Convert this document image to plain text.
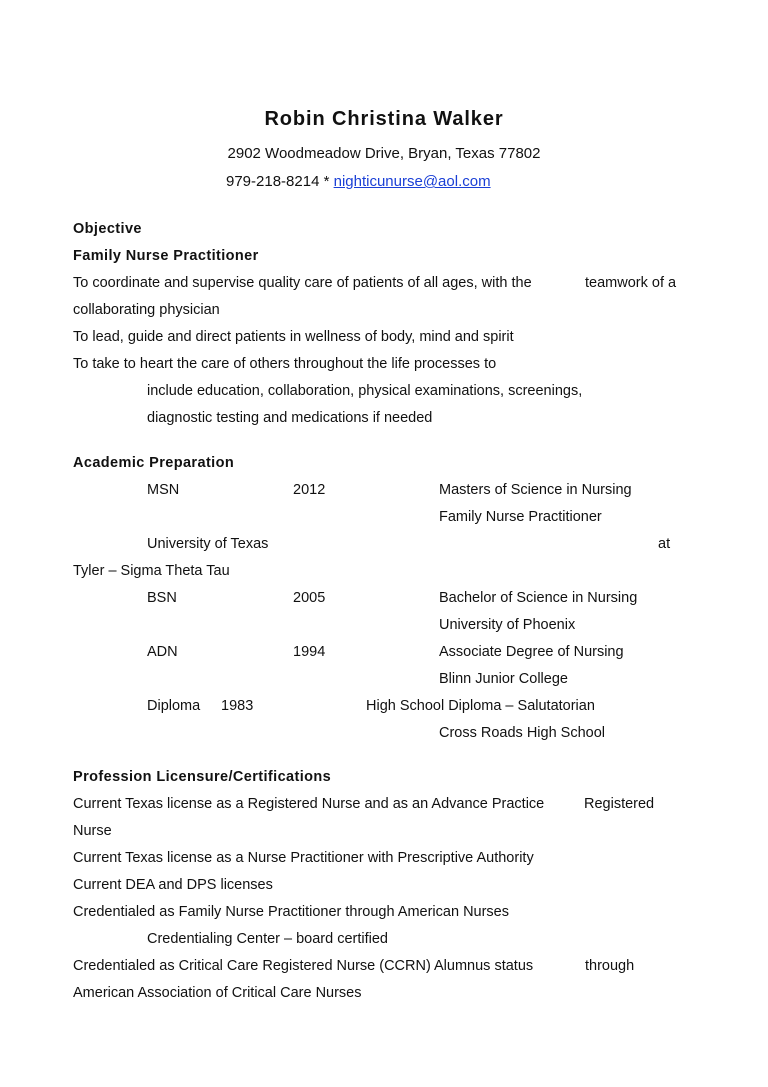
Robin Christina Walker
2902 Woodmeadow Drive, Bryan, Texas 77802
979-218-8214 * nighticunurse@aol.com
Objective
Family Nurse Practitioner
To coordinate and supervise quality care of patients of all ages, with the	teamwork of a
collaborating physician
To lead, guide and direct patients in wellness of body, mind and spirit
To take to heart the care of others throughout the life processes to
include education, collaboration, physical examinations, screenings,
diagnostic testing and medications if needed
Academic Preparation
MSN	2012	Masters of Science in Nursing
Family Nurse Practitioner
University of Texas	at
Tyler – Sigma Theta Tau
BSN	2005	Bachelor of Science in Nursing
University of Phoenix
ADN	1994	Associate Degree of Nursing
Blinn Junior College
Diploma 1983	High School Diploma – Salutatorian
Cross Roads High School
Profession Licensure/Certifications
Current Texas license as a Registered Nurse and as an Advance Practice	Registered
Nurse
Current Texas license as a Nurse Practitioner with Prescriptive Authority
Current DEA and DPS licenses
Credentialed as Family Nurse Practitioner through American Nurses
Credentialing Center – board certified
Credentialed as Critical Care Registered Nurse (CCRN) Alumnus status	through
American Association of Critical Care Nurses
